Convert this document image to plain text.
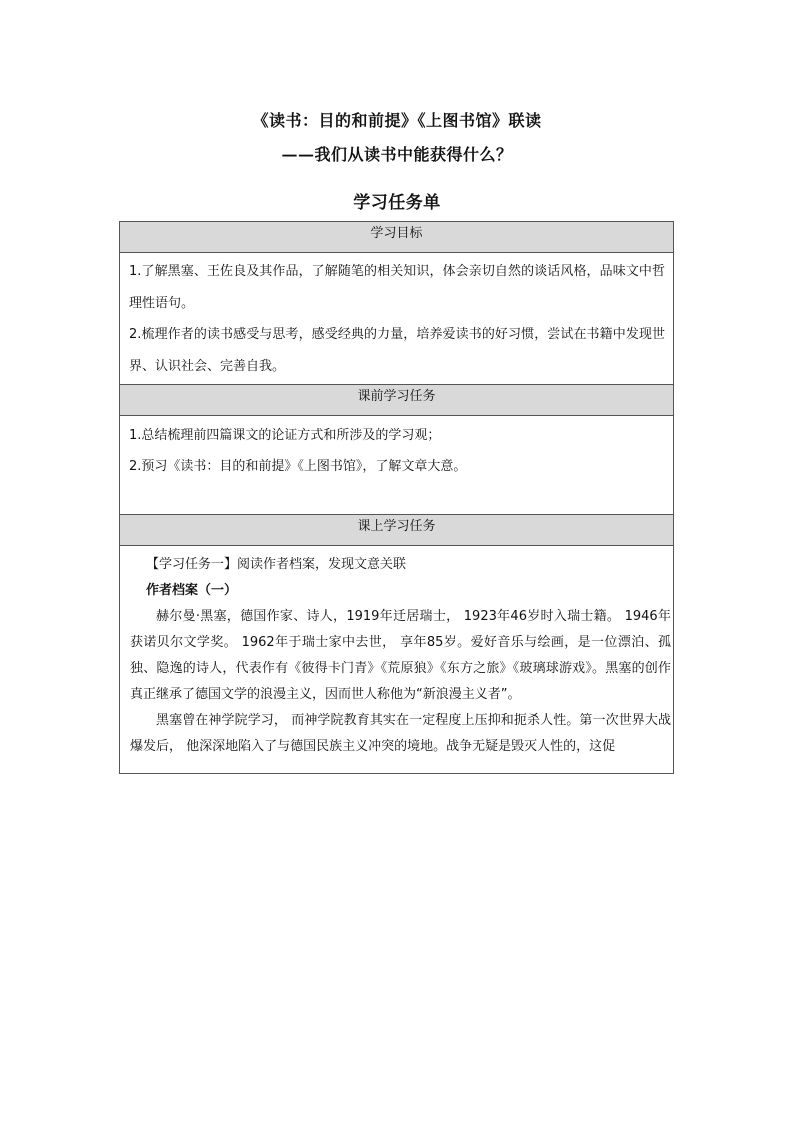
《读书：目的和前提》《上图书馆》联读
——我们从读书中能获得什么？
学习任务单
学习目标

1.了解黑塞、王佐良及其作品，了解随笔的相关知识，体会亲切自然的谈话风格，品味文中哲理性语句。
2.梳理作者的读书感受与思考，感受经典的力量，培养爱读书的好习惯，尝试在书籍中发现世界、认识社会、完善自我。

课前学习任务

1.总结梳理前四篇课文的论证方式和所涉及的学习观；
2.预习《读书：目的和前提》《上图书馆》，了解文章大意。

课上学习任务

【学习任务一】阅读作者档案，发现文意关联

作者档案（一）

赫尔曼·黑塞，德国作家、诗人，1919年迁居瑞士， 1923年46岁时入瑞士籍。 1946年获诺贝尔文学奖。 1962年于瑞士家中去世， 享年85岁。爱好音乐与绘画，是一位漂泊、孤独、隐逸的诗人，代表作有《彼得卡门青》《荒原狼》《东方之旅》《玻璃球游戏》。黑塞的创作真正继承了德国文学的浪漫主义，因而世人称他为“新浪漫主义者”。

黑塞曾在神学院学习， 而神学院教育其实在一定程度上压抑和扼杀人性。第一次世界大战爆发后， 他深深地陷入了与德国民族主义冲突的境地。战争无疑是毁灭人性的，这促
